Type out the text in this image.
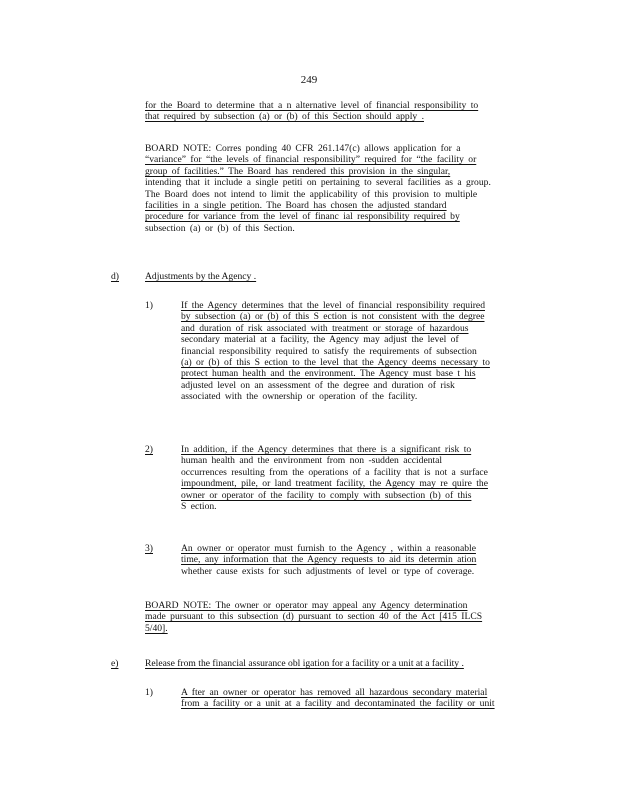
249

for the Board to determine that a n alternative level of financial responsibility to

that required by subsection (a) or (b) of this Section should apply .

BOARD NOTE: Corres ponding 40 CFR 261.147(c) allows application for a

“variance” for “the levels of financial responsibility” required for “the facility or

group of facilities.” The Board has rendered this provision in the singular,

intending that it include a single petiti on pertaining to several facilities as a group.

The Board does not intend to limit the applicability of this provision to multiple

facilities in a single petition. The Board has chosen the adjusted standard

procedure for variance from the level of financ ial responsibility required by

subsection (a) or (b) of this Section.

d)	Adjustments by the Agency .
1)	If the Agency determines that the level of financial responsibility required

by subsection (a) or (b) of this S ection is not consistent with the degree

and duration of risk associated with treatment or storage of hazardous

secondary material at a facility, the Agency may adjust the level of

financial responsibility required to satisfy the requirements of subsection

(a) or (b) of this S ection to the level that the Agency deems necessary to

protect human health and the environment. The Agency must base t his

adjusted level on an assessment of the degree and duration of risk

associated with the ownership or operation of the facility.

2)	In addition, if the Agency determines that there is a significant risk to

human health and the environment from non -sudden accidental

occurrences resulting from the operations of a facility that is not a surface

impoundment, pile, or land treatment facility, the Agency may re quire the

owner or operator of the facility to comply with subsection (b) of this

S ection.

3)	An owner or operator must furnish to the Agency , within a reasonable

time, any information that the Agency requests to aid its determin ation

whether cause exists for such adjustments of level or type of coverage.

BOARD NOTE: The owner or operator may appeal any Agency determination

made pursuant to this subsection (d) pursuant to section 40 of the Act [415 ILCS

5/40].

e)	Release from the financial assurance obl igation for a facility or a unit at a facility .
1)	A fter an owner or operator has removed all hazardous secondary material

from a facility or a unit at a facility and decontaminated the facility or unit
